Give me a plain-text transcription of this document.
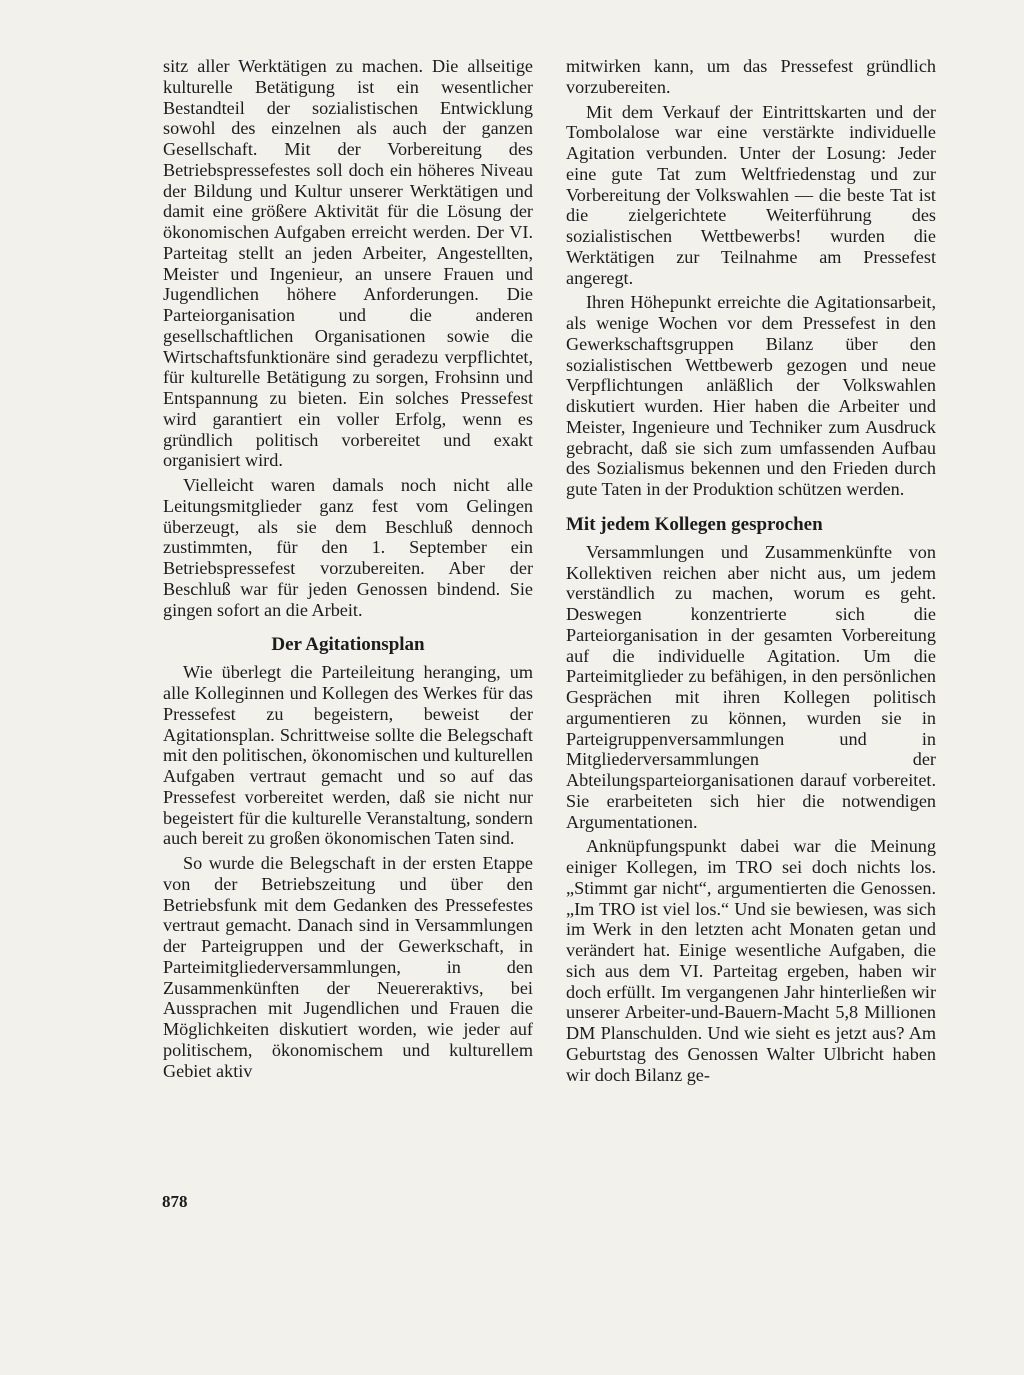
sitz aller Werktätigen zu machen. Die allseitige kulturelle Betätigung ist ein wesentlicher Bestandteil der sozialistischen Entwicklung sowohl des einzelnen als auch der ganzen Gesellschaft. Mit der Vorbereitung des Betriebspressefestes soll doch ein höheres Niveau der Bildung und Kultur unserer Werktätigen und damit eine größere Aktivität für die Lösung der ökonomischen Aufgaben erreicht werden. Der VI. Parteitag stellt an jeden Arbeiter, Angestellten, Meister und Ingenieur, an unsere Frauen und Jugendlichen höhere Anforderungen. Die Parteiorganisation und die anderen gesellschaftlichen Organisationen sowie die Wirtschaftsfunktionäre sind geradezu verpflichtet, für kulturelle Betätigung zu sorgen, Frohsinn und Entspannung zu bieten. Ein solches Pressefest wird garantiert ein voller Erfolg, wenn es gründlich politisch vorbereitet und exakt organisiert wird.

Vielleicht waren damals noch nicht alle Leitungsmitglieder ganz fest vom Gelingen überzeugt, als sie dem Beschluß dennoch zustimmten, für den 1. September ein Betriebspressefest vorzubereiten. Aber der Beschluß war für jeden Genossen bindend. Sie gingen sofort an die Arbeit.

Der Agitationsplan

Wie überlegt die Parteileitung heranging, um alle Kolleginnen und Kollegen des Werkes für das Pressefest zu begeistern, beweist der Agitationsplan. Schrittweise sollte die Belegschaft mit den politischen, ökonomischen und kulturellen Aufgaben vertraut gemacht und so auf das Pressefest vorbereitet werden, daß sie nicht nur begeistert für die kulturelle Veranstaltung, sondern auch bereit zu großen ökonomischen Taten sind.

So wurde die Belegschaft in der ersten Etappe von der Betriebszeitung und über den Betriebsfunk mit dem Gedanken des Pressefestes vertraut gemacht. Danach sind in Versammlungen der Parteigruppen und der Gewerkschaft, in Parteimitgliederversammlungen, in den Zusammenkünften der Neuereraktivs, bei Aussprachen mit Jugendlichen und Frauen die Möglichkeiten diskutiert worden, wie jeder auf politischem, ökonomischem und kulturellem Gebiet aktiv

mitwirken kann, um das Pressefest gründlich vorzubereiten.

Mit dem Verkauf der Eintrittskarten und der Tombolalose war eine verstärkte individuelle Agitation verbunden. Unter der Losung: Jeder eine gute Tat zum Weltfriedenstag und zur Vorbereitung der Volkswahlen — die beste Tat ist die zielgerichtete Weiterführung des sozialistischen Wettbewerbs! wurden die Werktätigen zur Teilnahme am Pressefest angeregt.

Ihren Höhepunkt erreichte die Agitationsarbeit, als wenige Wochen vor dem Pressefest in den Gewerkschaftsgruppen Bilanz über den sozialistischen Wettbewerb gezogen und neue Verpflichtungen anläßlich der Volkswahlen diskutiert wurden. Hier haben die Arbeiter und Meister, Ingenieure und Techniker zum Ausdruck gebracht, daß sie sich zum umfassenden Aufbau des Sozialismus bekennen und den Frieden durch gute Taten in der Produktion schützen werden.

Mit jedem Kollegen gesprochen

Versammlungen und Zusammenkünfte von Kollektiven reichen aber nicht aus, um jedem verständlich zu machen, worum es geht. Deswegen konzentrierte sich die Parteiorganisation in der gesamten Vorbereitung auf die individuelle Agitation. Um die Parteimitglieder zu befähigen, in den persönlichen Gesprächen mit ihren Kollegen politisch argumentieren zu können, wurden sie in Parteigruppenversammlungen und in Mitgliederversammlungen der Abteilungsparteiorganisationen darauf vorbereitet. Sie erarbeiteten sich hier die notwendigen Argumentationen.

Anknüpfungspunkt dabei war die Meinung einiger Kollegen, im TRO sei doch nichts los. „Stimmt gar nicht“, argumentierten die Genossen. „Im TRO ist viel los.“ Und sie bewiesen, was sich im Werk in den letzten acht Monaten getan und verändert hat. Einige wesentliche Aufgaben, die sich aus dem VI. Parteitag ergeben, haben wir doch erfüllt. Im vergangenen Jahr hinterließen wir unserer Arbeiter-und-Bauern-Macht 5,8 Millionen DM Planschulden. Und wie sieht es jetzt aus? Am Geburtstag des Genossen Walter Ulbricht haben wir doch Bilanz ge-

878
